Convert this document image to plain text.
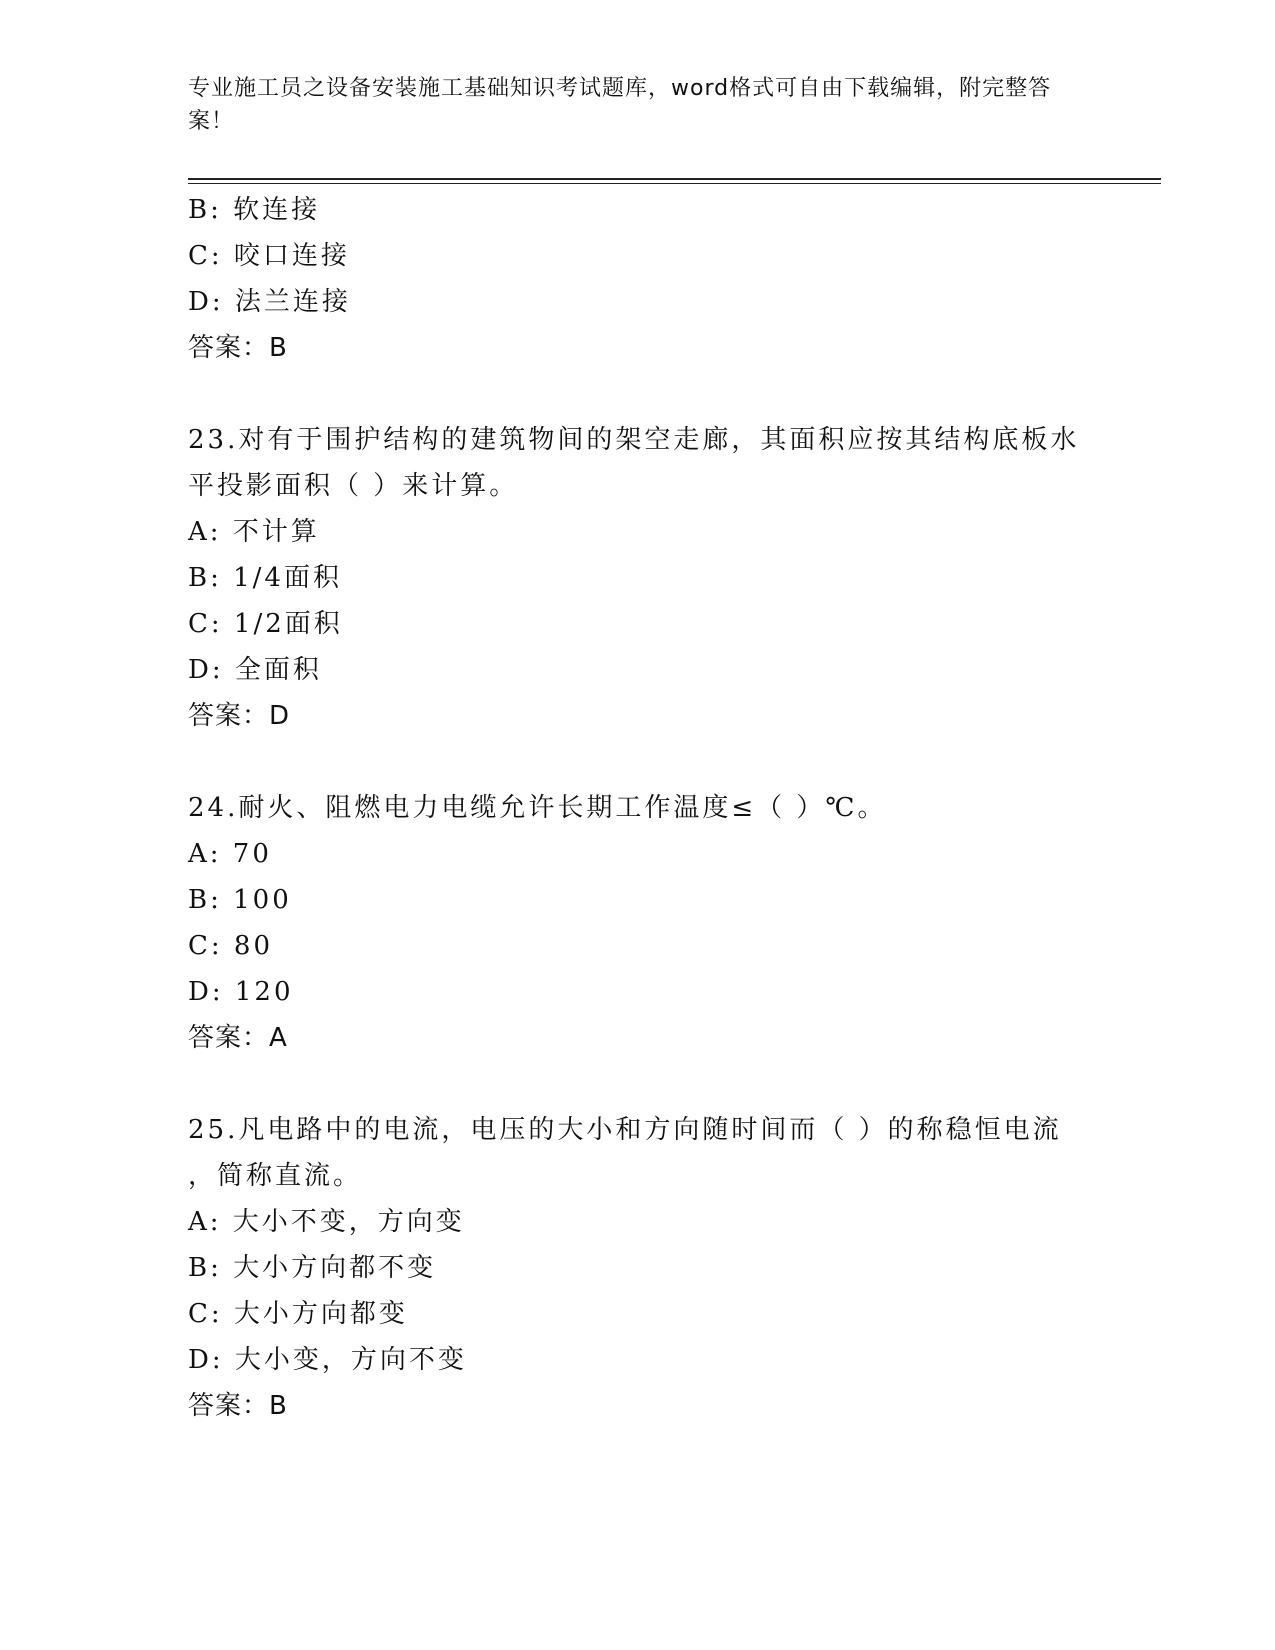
专业施工员之设备安装施工基础知识考试题库，word格式可自由下载编辑，附完整答案！
B: 软连接
C: 咬口连接
D: 法兰连接
答案：B
23.对有于围护结构的建筑物间的架空走廊，其面积应按其结构底板水
平投影面积（ ）来计算。
A: 不计算
B: 1/4面积
C: 1/2面积
D: 全面积
答案：D
24.耐火、阻燃电力电缆允许长期工作温度≤（ ）℃。
A: 70
B: 100
C: 80
D: 120
答案：A
25.凡电路中的电流，电压的大小和方向随时间而（ ）的称稳恒电流
，简称直流。
A: 大小不变，方向变
B: 大小方向都不变
C: 大小方向都变
D: 大小变，方向不变
答案：B
